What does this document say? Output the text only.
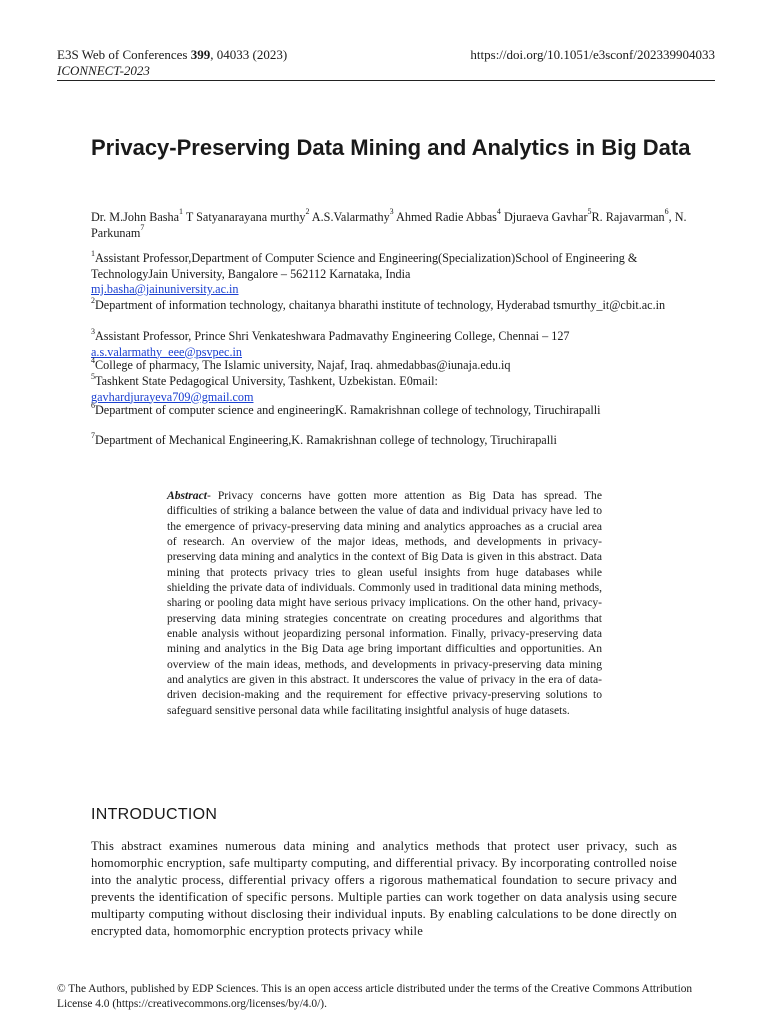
E3S Web of Conferences 399, 04033 (2023)
ICONNECT-2023
https://doi.org/10.1051/e3sconf/202339904033
Privacy-Preserving Data Mining and Analytics in Big Data
Dr. M.John Basha$^1$ T Satyanarayana murthy$^2$ A.S.Valarmathy$^3$ Ahmed Radie Abbas$^4$ Djuraeva Gavhar$^5$R. Rajavarman$^6$, N. Parkunam$^7$
$^1$Assistant Professor,Department of Computer Science and Engineering(Specialization)School of Engineering & TechnologyJain University, Bangalore – 562112 Karnataka, India
mj.basha@jainuniversity.ac.in
$^2$Department of information technology, chaitanya bharathi institute of technology, Hyderabad tsmurthy_it@cbit.ac.in
$^3$Assistant Professor, Prince Shri Venkateshwara Padmavathy Engineering College, Chennai – 127
a.s.valarmathy_eee@psvpec.in
$^4$College of pharmacy, The Islamic university, Najaf, Iraq. ahmedabbas@iunaja.edu.iq
$^5$Tashkent State Pedagogical University, Tashkent, Uzbekistan. E0mail:
gavhardjurayeva709@gmail.com
$^6$Department of computer science and engineeringK. Ramakrishnan college of technology, Tiruchirapalli
$^7$Department of Mechanical Engineering,K. Ramakrishnan college of technology, Tiruchirapalli
Abstract- Privacy concerns have gotten more attention as Big Data has spread. The difficulties of striking a balance between the value of data and individual privacy have led to the emergence of privacy-preserving data mining and analytics approaches as a crucial area of research. An overview of the major ideas, methods, and developments in privacy-preserving data mining and analytics in the context of Big Data is given in this abstract. Data mining that protects privacy tries to glean useful insights from huge databases while shielding the private data of individuals. Commonly used in traditional data mining methods, sharing or pooling data might have serious privacy implications. On the other hand, privacy-preserving data mining strategies concentrate on creating procedures and algorithms that enable analysis without jeopardizing personal information. Finally, privacy-preserving data mining and analytics in the Big Data age bring important difficulties and opportunities. An overview of the main ideas, methods, and developments in privacy-preserving data mining and analytics are given in this abstract. It underscores the value of privacy in the era of data-driven decision-making and the requirement for effective privacy-preserving solutions to safeguard sensitive personal data while facilitating insightful analysis of huge datasets.
INTRODUCTION
This abstract examines numerous data mining and analytics methods that protect user privacy, such as homomorphic encryption, safe multiparty computing, and differential privacy. By incorporating controlled noise into the analytic process, differential privacy offers a rigorous mathematical foundation to secure privacy and prevents the identification of specific persons. Multiple parties can work together on data analysis using secure multiparty computing without disclosing their individual inputs. By enabling calculations to be done directly on encrypted data, homomorphic encryption protects privacy while
© The Authors, published by EDP Sciences. This is an open access article distributed under the terms of the Creative Commons Attribution License 4.0 (https://creativecommons.org/licenses/by/4.0/).
